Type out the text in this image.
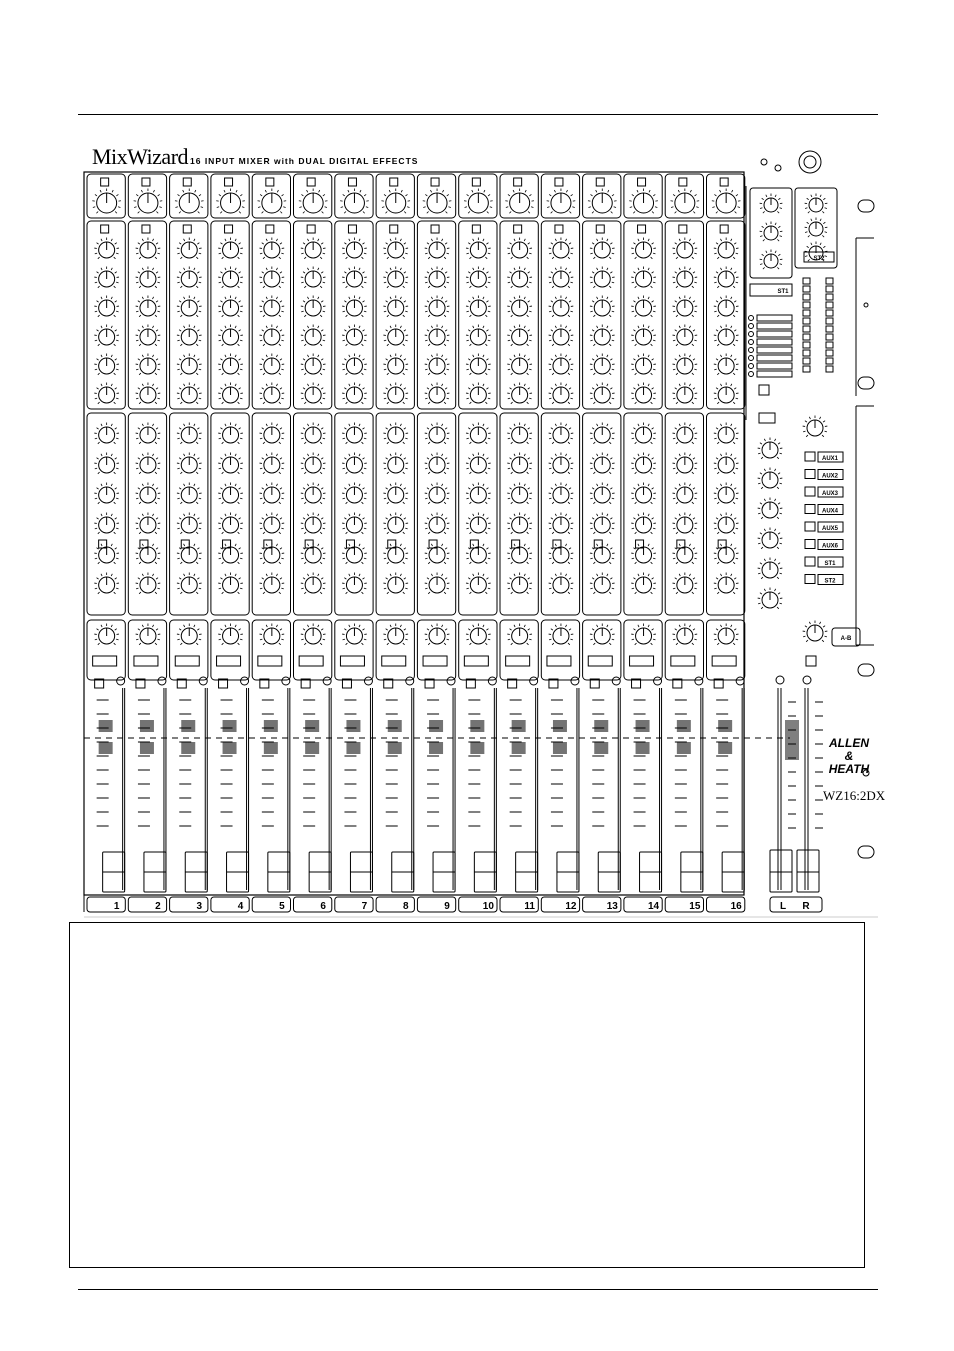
1	2	3	4	5	6	7	8	9	10	11	12	13	14	15	16
ST2
ST1
AUX1
AUX2
AUX3
AUX4
AUX5
AUX6
ST1
ST2
A-B
L R
MixWizard 16 INPUT MIXER with DUAL DIGITAL EFFECTS
ALLEN
&
HEATH
WZ16:2DX
